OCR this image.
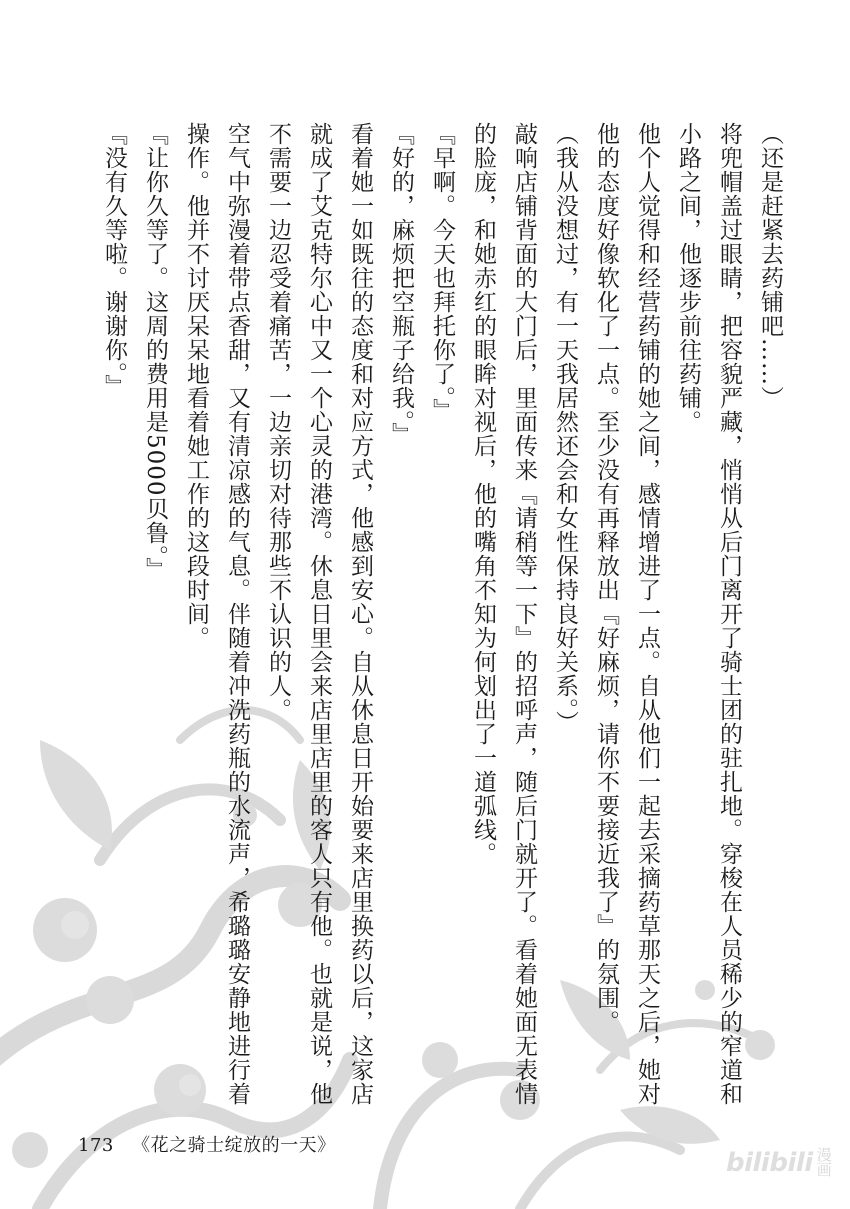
（还是赶紧去药铺吧……）

将兜帽盖过眼睛，把容貌严藏，悄悄从后门离开了骑士团的驻扎地。穿梭在人员稀少的窄道和小路之间，他逐步前往药铺。

他个人觉得和经营药铺的她之间，感情增进了一点。自从他们一起去采摘药草那天之后，她对他的态度好像软化了一点。至少没有再释放出『好麻烦，请你不要接近我了』的氛围。

（我从没想过，有一天我居然还会和女性保持良好关系。）

敲响店铺背面的大门后，里面传来『请稍等一下』的招呼声，随后门就开了。看着她面无表情的脸庞，和她赤红的眼眸对视后，他的嘴角不知为何划出了一道弧线。

『早啊。今天也拜托你了。』

『好的，麻烦把空瓶子给我。』

看着她一如既往的态度和对应方式，他感到安心。自从休息日开始要来店里换药以后，这家店就成了艾克特尔心中又一个心灵的港湾。休息日里会来店里店里的客人只有他。也就是说，他不需要一边忍受着痛苦，一边亲切对待那些不认识的人。

空气中弥漫着带点香甜，又有清凉感的气息。伴随着冲洗药瓶的水流声，希璐璐安静地进行着操作。他并不讨厌呆呆地看着她工作的这段时间。

『让你久等了。这周的费用是5000贝鲁。』

『没有久等啦。谢谢你。』

173 《花之骑士绽放的一天》
bilibili 漫画
